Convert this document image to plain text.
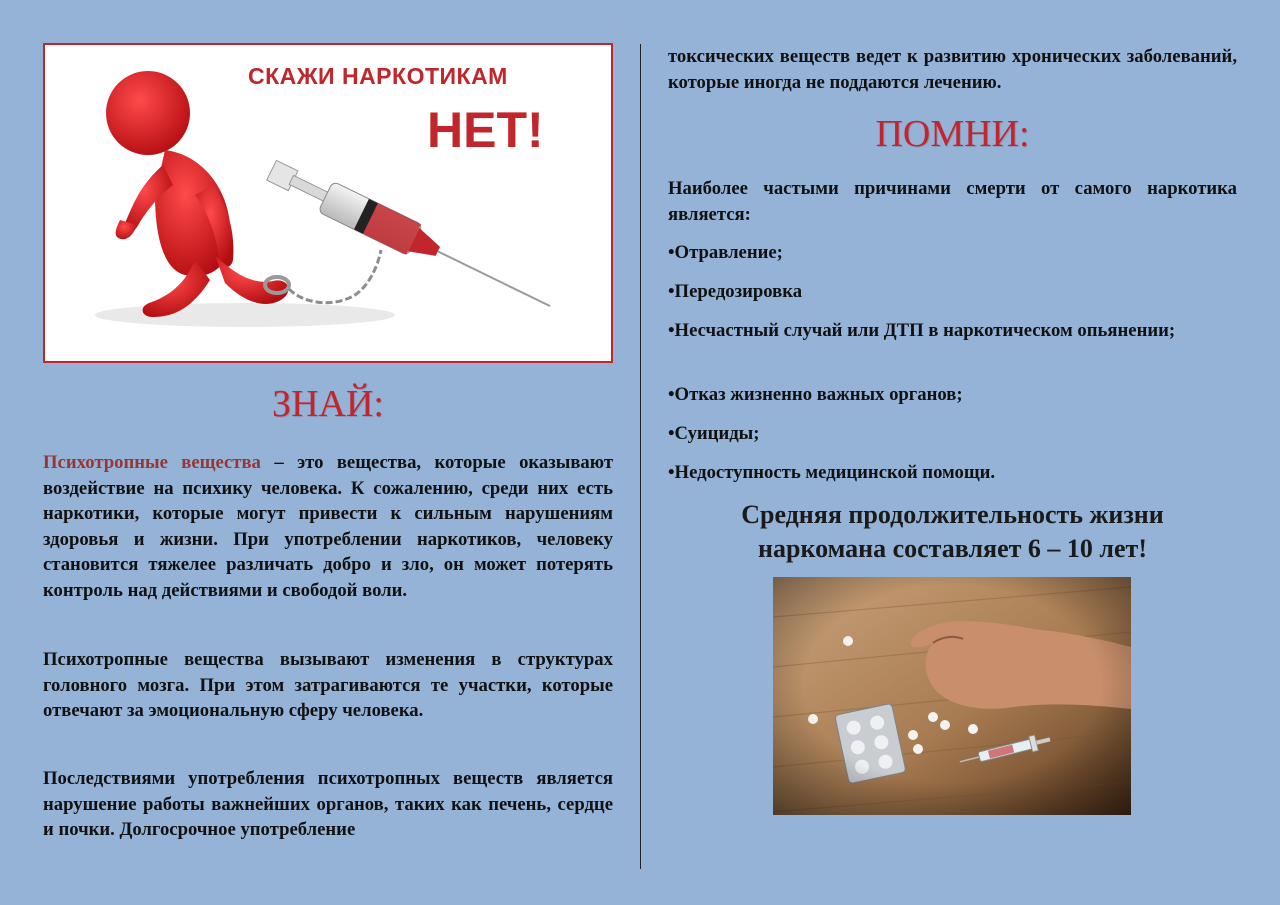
СКАЖИ НАРКОТИКАМ
НЕТ!
ЗНАЙ:
Психотропные вещества – это вещества, которые оказывают воздействие на психику человека. К сожалению, среди них есть наркотики, которые могут привести к сильным нарушениям здоровья и жизни. При употреблении наркотиков, человеку становится тяжелее различать добро и зло, он может потерять контроль над действиями и свободой воли.
Психотропные вещества вызывают изменения в структурах головного мозга. При этом затрагиваются те участки, которые отвечают за эмоциональную сферу человека.
Последствиями употребления психотропных веществ является нарушение работы важнейших органов, таких как печень, сердце и почки. Долгосрочное употребление
токсических веществ ведет к развитию хронических заболеваний, которые иногда не поддаются лечению.
ПОМНИ:
Наиболее частыми причинами смерти от самого наркотика является:
•Отравление;
•Передозировка
•Несчастный случай или ДТП в наркотическом опьянении;
•Отказ жизненно важных органов;
•Суициды;
•Недоступность медицинской помощи.
Средняя продолжительность жизни
наркомана составляет 6 – 10 лет!
